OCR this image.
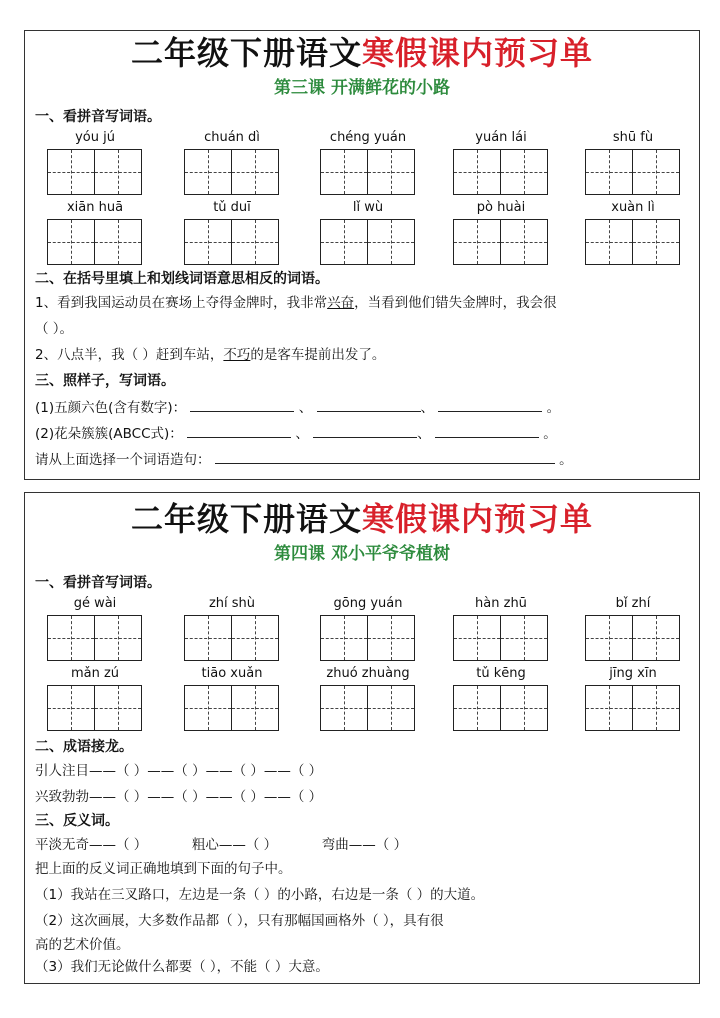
二年级下册语文寒假课内预习单
第三课 开满鲜花的小路
一、看拼音写词语。
yóu jú	chuán dì	chéng yuán	yuán lái	shū fù
xiān huā	tǔ duī	lǐ wù	pò huài	xuàn lì
二、在括号里填上和划线词语意思相反的词语。
1、看到我国运动员在赛场上夺得金牌时，我非常兴奋，当看到他们错失金牌时，我会很
（ ）。
2、八点半，我（ ）赶到车站，不巧的是客车提前出发了。
三、照样子，写词语。
(1)五颜六色(含有数字)：	、	、	。
(2)花朵簇簇(ABCC式)：	、	、	。
请从上面选择一个词语造句：	。
二年级下册语文寒假课内预习单
第四课 邓小平爷爷植树
一、看拼音写词语。
gé wài	zhí shù	gōng yuán	hàn zhū	bǐ zhí
mǎn zú	tiāo xuǎn	zhuó zhuàng	tǔ kēng	jīng xīn
二、成语接龙。
引人注目——（ ）——（ ）——（ ）——（ ）
兴致勃勃——（ ）——（ ）——（ ）——（ ）
三、反义词。
平淡无奇——（ ）	粗心——（ ）	弯曲——（ ）
把上面的反义词正确地填到下面的句子中。
（1）我站在三叉路口，左边是一条（ ）的小路，右边是一条（ ）的大道。
（2）这次画展，大多数作品都（ ），只有那幅国画格外（ ），具有很
高的艺术价值。
（3）我们无论做什么都要（ ），不能（ ）大意。
